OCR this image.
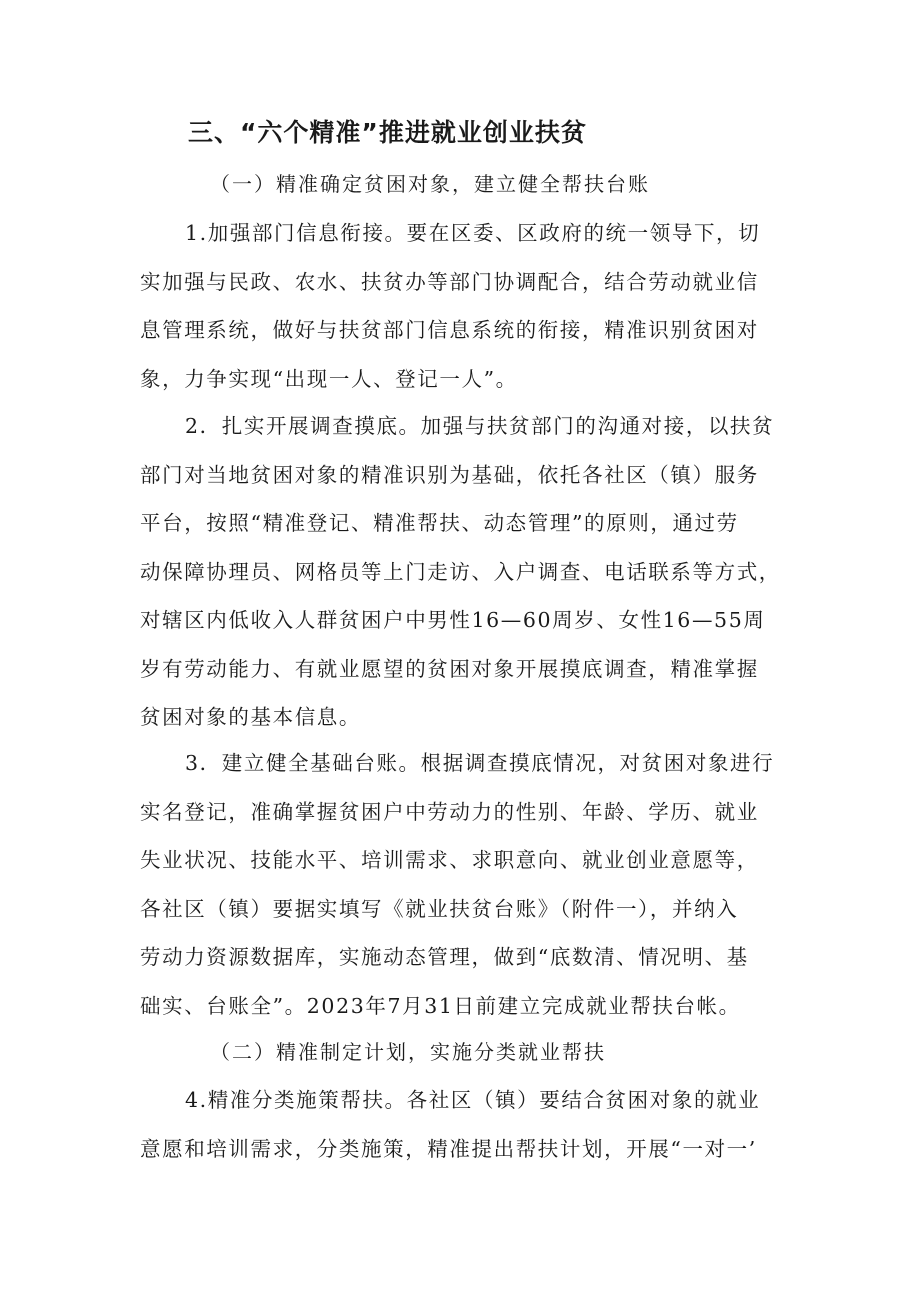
三、“六个精准”推进就业创业扶贫
（一）精准确定贫困对象，建立健全帮扶台账
1.加强部门信息衔接。要在区委、区政府的统一领导下，切
实加强与民政、农水、扶贫办等部门协调配合，结合劳动就业信
息管理系统，做好与扶贫部门信息系统的衔接，精准识别贫困对
象，力争实现“出现一人、登记一人”。
2．扎实开展调查摸底。加强与扶贫部门的沟通对接，以扶贫
部门对当地贫困对象的精准识别为基础，依托各社区（镇）服务
平台，按照“精准登记、精准帮扶、动态管理”的原则，通过劳
动保障协理员、网格员等上门走访、入户调查、电话联系等方式，
对辖区内低收入人群贫困户中男性16—60周岁、女性16—55周
岁有劳动能力、有就业愿望的贫困对象开展摸底调查，精准掌握
贫困对象的基本信息。
3．建立健全基础台账。根据调查摸底情况，对贫困对象进行
实名登记，准确掌握贫困户中劳动力的性别、年龄、学历、就业
失业状况、技能水平、培训需求、求职意向、就业创业意愿等，
各社区（镇）要据实填写《就业扶贫台账》（附件一），并纳入
劳动力资源数据库，实施动态管理，做到“底数清、情况明、基
础实、台账全”。2023年7月31日前建立完成就业帮扶台帐。
（二）精准制定计划，实施分类就业帮扶
4.精准分类施策帮扶。各社区（镇）要结合贫困对象的就业
意愿和培训需求，分类施策，精准提出帮扶计划，开展“一对一’
